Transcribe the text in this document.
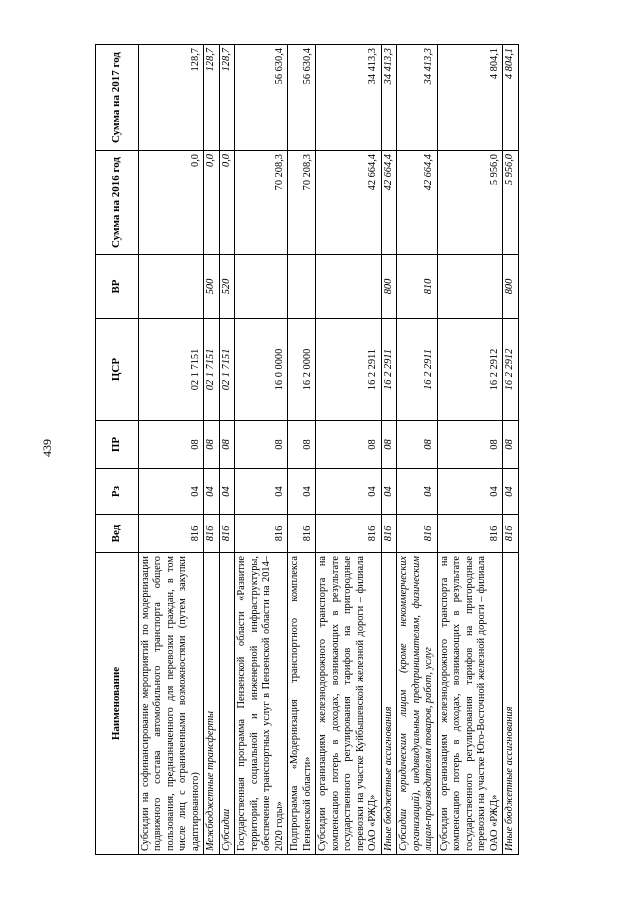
439
Наименование	Вед	Рз	ПР	ЦСР	ВР	Сумма на 2016 год	Сумма на 2017 год
Субсидии на софинансирование мероприятий по модернизации подвижного состава автомобильного транспорта общего пользования, предназначенного для перевозки граждан, в том числе лиц с ограниченными возможностями (путем закупки адаптированного)	816	04	08	02 1 7151		0,0	128,7
Межбюджетные трансферты	816	04	08	02 1 7151	500	0,0	128,7
Субсидии	816	04	08	02 1 7151	520	0,0	128,7
Государственная программа Пензенской области «Развитие территорий, социальной и инженерной инфраструктуры, обеспечение транспортных услуг в Пензенской области на 2014–2020 годы»	816	04	08	16 0 0000		70 208,3	56 630,4
Подпрограмма «Модернизация транспортного комплекса Пензенской области»	816	04	08	16 2 0000		70 208,3	56 630,4
Субсидии организациям железнодорожного транспорта на компенсацию потерь в доходах, возникающих в результате государственного регулирования тарифов на пригородные перевозки на участке Куйбышевской железной дороги – филиала ОАО «РЖД»	816	04	08	16 2 2911		42 664,4	34 413,3
Иные бюджетные ассигнования	816	04	08	16 2 2911	800	42 664,4	34 413,3
Субсидии юридическим лицам (кроме некоммерческих организаций), индивидуальным предпринимателям, физическим лицам-производителям товаров, работ, услуг	816	04	08	16 2 2911	810	42 664,4	34 413,3
Субсидии организациям железнодорожного транспорта на компенсацию потерь в доходах, возникающих в результате государственного регулирования тарифов на пригородные перевозки на участке Юго-Восточной железной дороги – филиала ОАО «РЖД»	816	04	08	16 2 2912		5 956,0	4 804,1
Иные бюджетные ассигнования	816	04	08	16 2 2912	800	5 956,0	4 804,1
